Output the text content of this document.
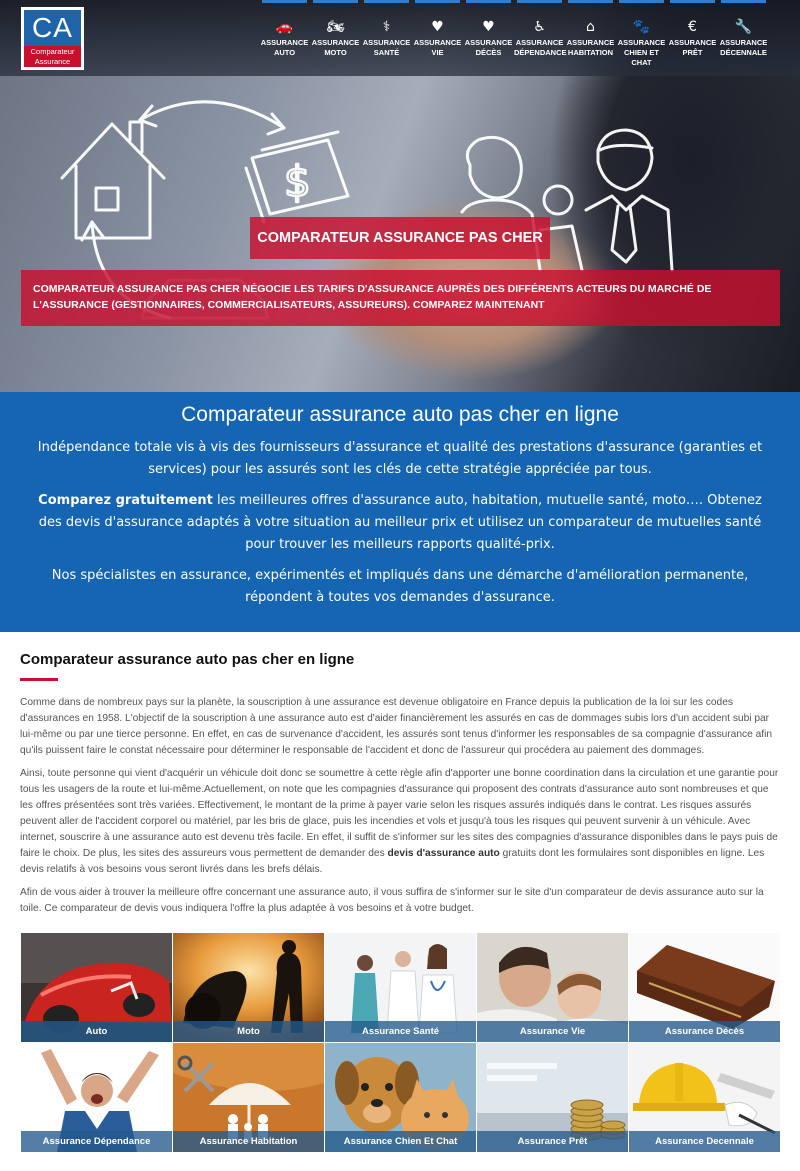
$
CA
Comparateur
Assurance
🚗
ASSURANCE
AUTO
🏍
ASSURANCE
MOTO
⚕
ASSURANCE
SANTÉ
♥
ASSURANCE
VIE
♥
ASSURANCE
DÉCÈS
♿
ASSURANCE
DÉPENDANCE
⌂
ASSURANCE
HABITATION
🐾
ASSURANCE
CHIEN ET CHAT
€
ASSURANCE
PRÊT
🔧
ASSURANCE
DÉCENNALE
COMPARATEUR ASSURANCE PAS CHER
COMPARATEUR ASSURANCE PAS CHER NÉGOCIE LES TARIFS D'ASSURANCE AUPRÈS DES DIFFÉRENTS ACTEURS DU MARCHÉ DE L'ASSURANCE (GESTIONNAIRES, COMMERCIALISATEURS, ASSUREURS). COMPAREZ MAINTENANT
Comparateur assurance auto pas cher en ligne

Indépendance totale vis à vis des fournisseurs d'assurance et qualité des prestations d'assurance (garanties et services) pour les assurés sont les clés de cette stratégie appréciée par tous.

Comparez gratuitement les meilleures offres d'assurance auto, habitation, mutuelle santé, moto…. Obtenez des devis d'assurance adaptés à votre situation au meilleur prix et utilisez un comparateur de mutuelles santé pour trouver les meilleurs rapports qualité-prix.

Nos spécialistes en assurance, expérimentés et impliqués dans une démarche d'amélioration permanente, répondent à toutes vos demandes d'assurance.

Comparateur assurance auto pas cher en ligne

Comme dans de nombreux pays sur la planète, la souscription à une assurance est devenue obligatoire en France depuis la publication de la loi sur les codes d'assurances en 1958. L'objectif de la souscription à une assurance auto est d'aider financièrement les assurés en cas de dommages subis lors d'un accident subi par lui-même ou par une tierce personne. En effet, en cas de survenance d'accident, les assurés sont tenus d'informer les responsables de sa compagnie d'assurance afin qu'ils puissent faire le constat nécessaire pour déterminer le responsable de l'accident et donc de l'assureur qui procédera au paiement des dommages.

Ainsi, toute personne qui vient d'acquérir un véhicule doit donc se soumettre à cette règle afin d'apporter une bonne coordination dans la circulation et une garantie pour tous les usagers de la route et lui-même.Actuellement, on note que les compagnies d'assurance qui proposent des contrats d'assurance auto sont nombreuses et que les offres présentées sont très variées. Effectivement, le montant de la prime à payer varie selon les risques assurés indiqués dans le contrat. Les risques assurés peuvent aller de l'accident corporel ou matériel, par les bris de glace, puis les incendies et vols et jusqu'à tous les risques qui peuvent survenir à un véhicule. Avec internet, souscrire à une assurance auto est devenu très facile. En effet, il suffit de s'informer sur les sites des compagnies d'assurance disponibles dans le pays puis de faire le choix. De plus, les sites des assureurs vous permettent de demander des devis d'assurance auto gratuits dont les formulaires sont disponibles en ligne. Les devis relatifs à vos besoins vous seront livrés dans les brefs délais.

Afin de vous aider à trouver la meilleure offre concernant une assurance auto, il vous suffira de s'informer sur le site d'un comparateur de devis assurance auto sur la toile. Ce comparateur de devis vous indiquera l'offre la plus adaptée à vos besoins et à votre budget.

Auto	Moto	Assurance Santé	Assurance Vie	Assurance Décès
Assurance Dépendance	Assurance Habitation	Assurance Chien Et Chat	Assurance Prêt	Assurance Decennale
